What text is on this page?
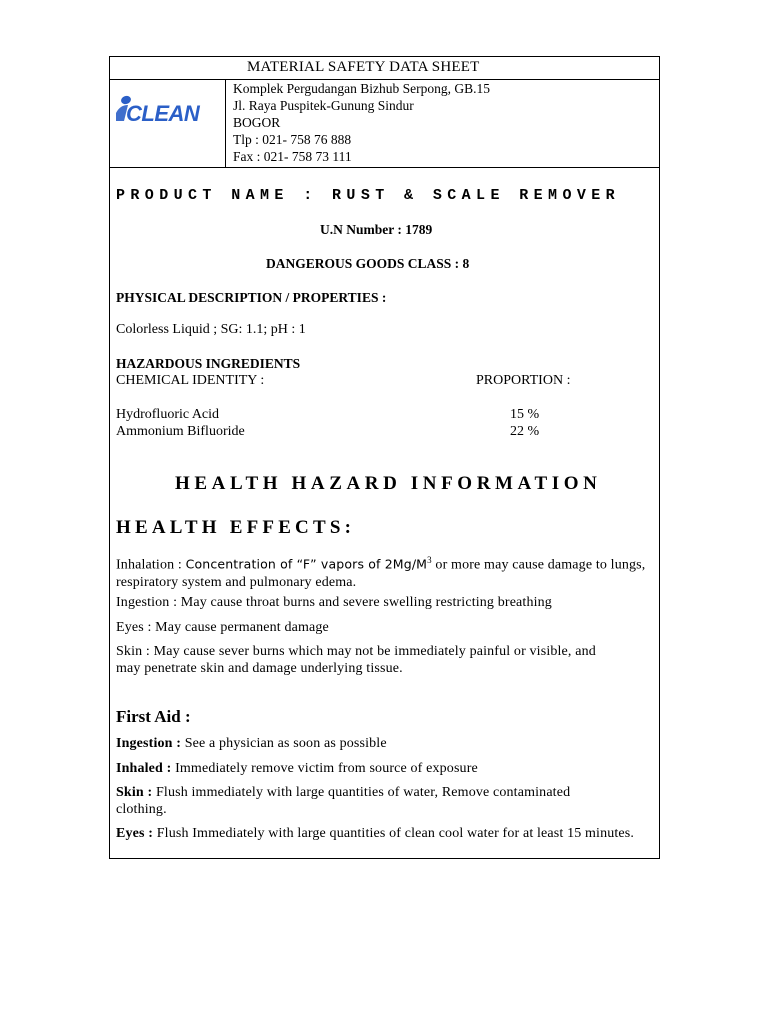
MATERIAL SAFETY DATA SHEET
CLEAN
Komplek Pergudangan Bizhub Serpong, GB.15
Jl. Raya Puspitek-Gunung Sindur
BOGOR
Tlp : 021- 758 76 888
Fax : 021- 758 73 111
PRODUCT NAME : RUST & SCALE REMOVER
U.N Number : 1789
DANGEROUS GOODS CLASS : 8
PHYSICAL DESCRIPTION / PROPERTIES :
Colorless Liquid ; SG: 1.1; pH : 1
HAZARDOUS INGREDIENTS
CHEMICAL IDENTITY :	PROPORTION :
Hydrofluoric Acid	15 %
Ammonium Bifluoride	22 %
HEALTH HAZARD INFORMATION
HEALTH EFFECTS:
Inhalation : Concentration of “F” vapors of $2Mg/M^3$ or more may cause damage to lungs, respiratory system and pulmonary edema.
Ingestion : May cause throat burns and severe swelling restricting breathing
Eyes : May cause permanent damage
Skin : May cause sever burns which may not be immediately painful or visible, and may penetrate skin and damage underlying tissue.
First Aid :
Ingestion : See a physician as soon as possible
Inhaled : Immediately remove victim from source of exposure
Skin : Flush immediately with large quantities of water, Remove contaminated clothing.
Eyes : Flush Immediately with large quantities of clean cool water for at least 15 minutes.
